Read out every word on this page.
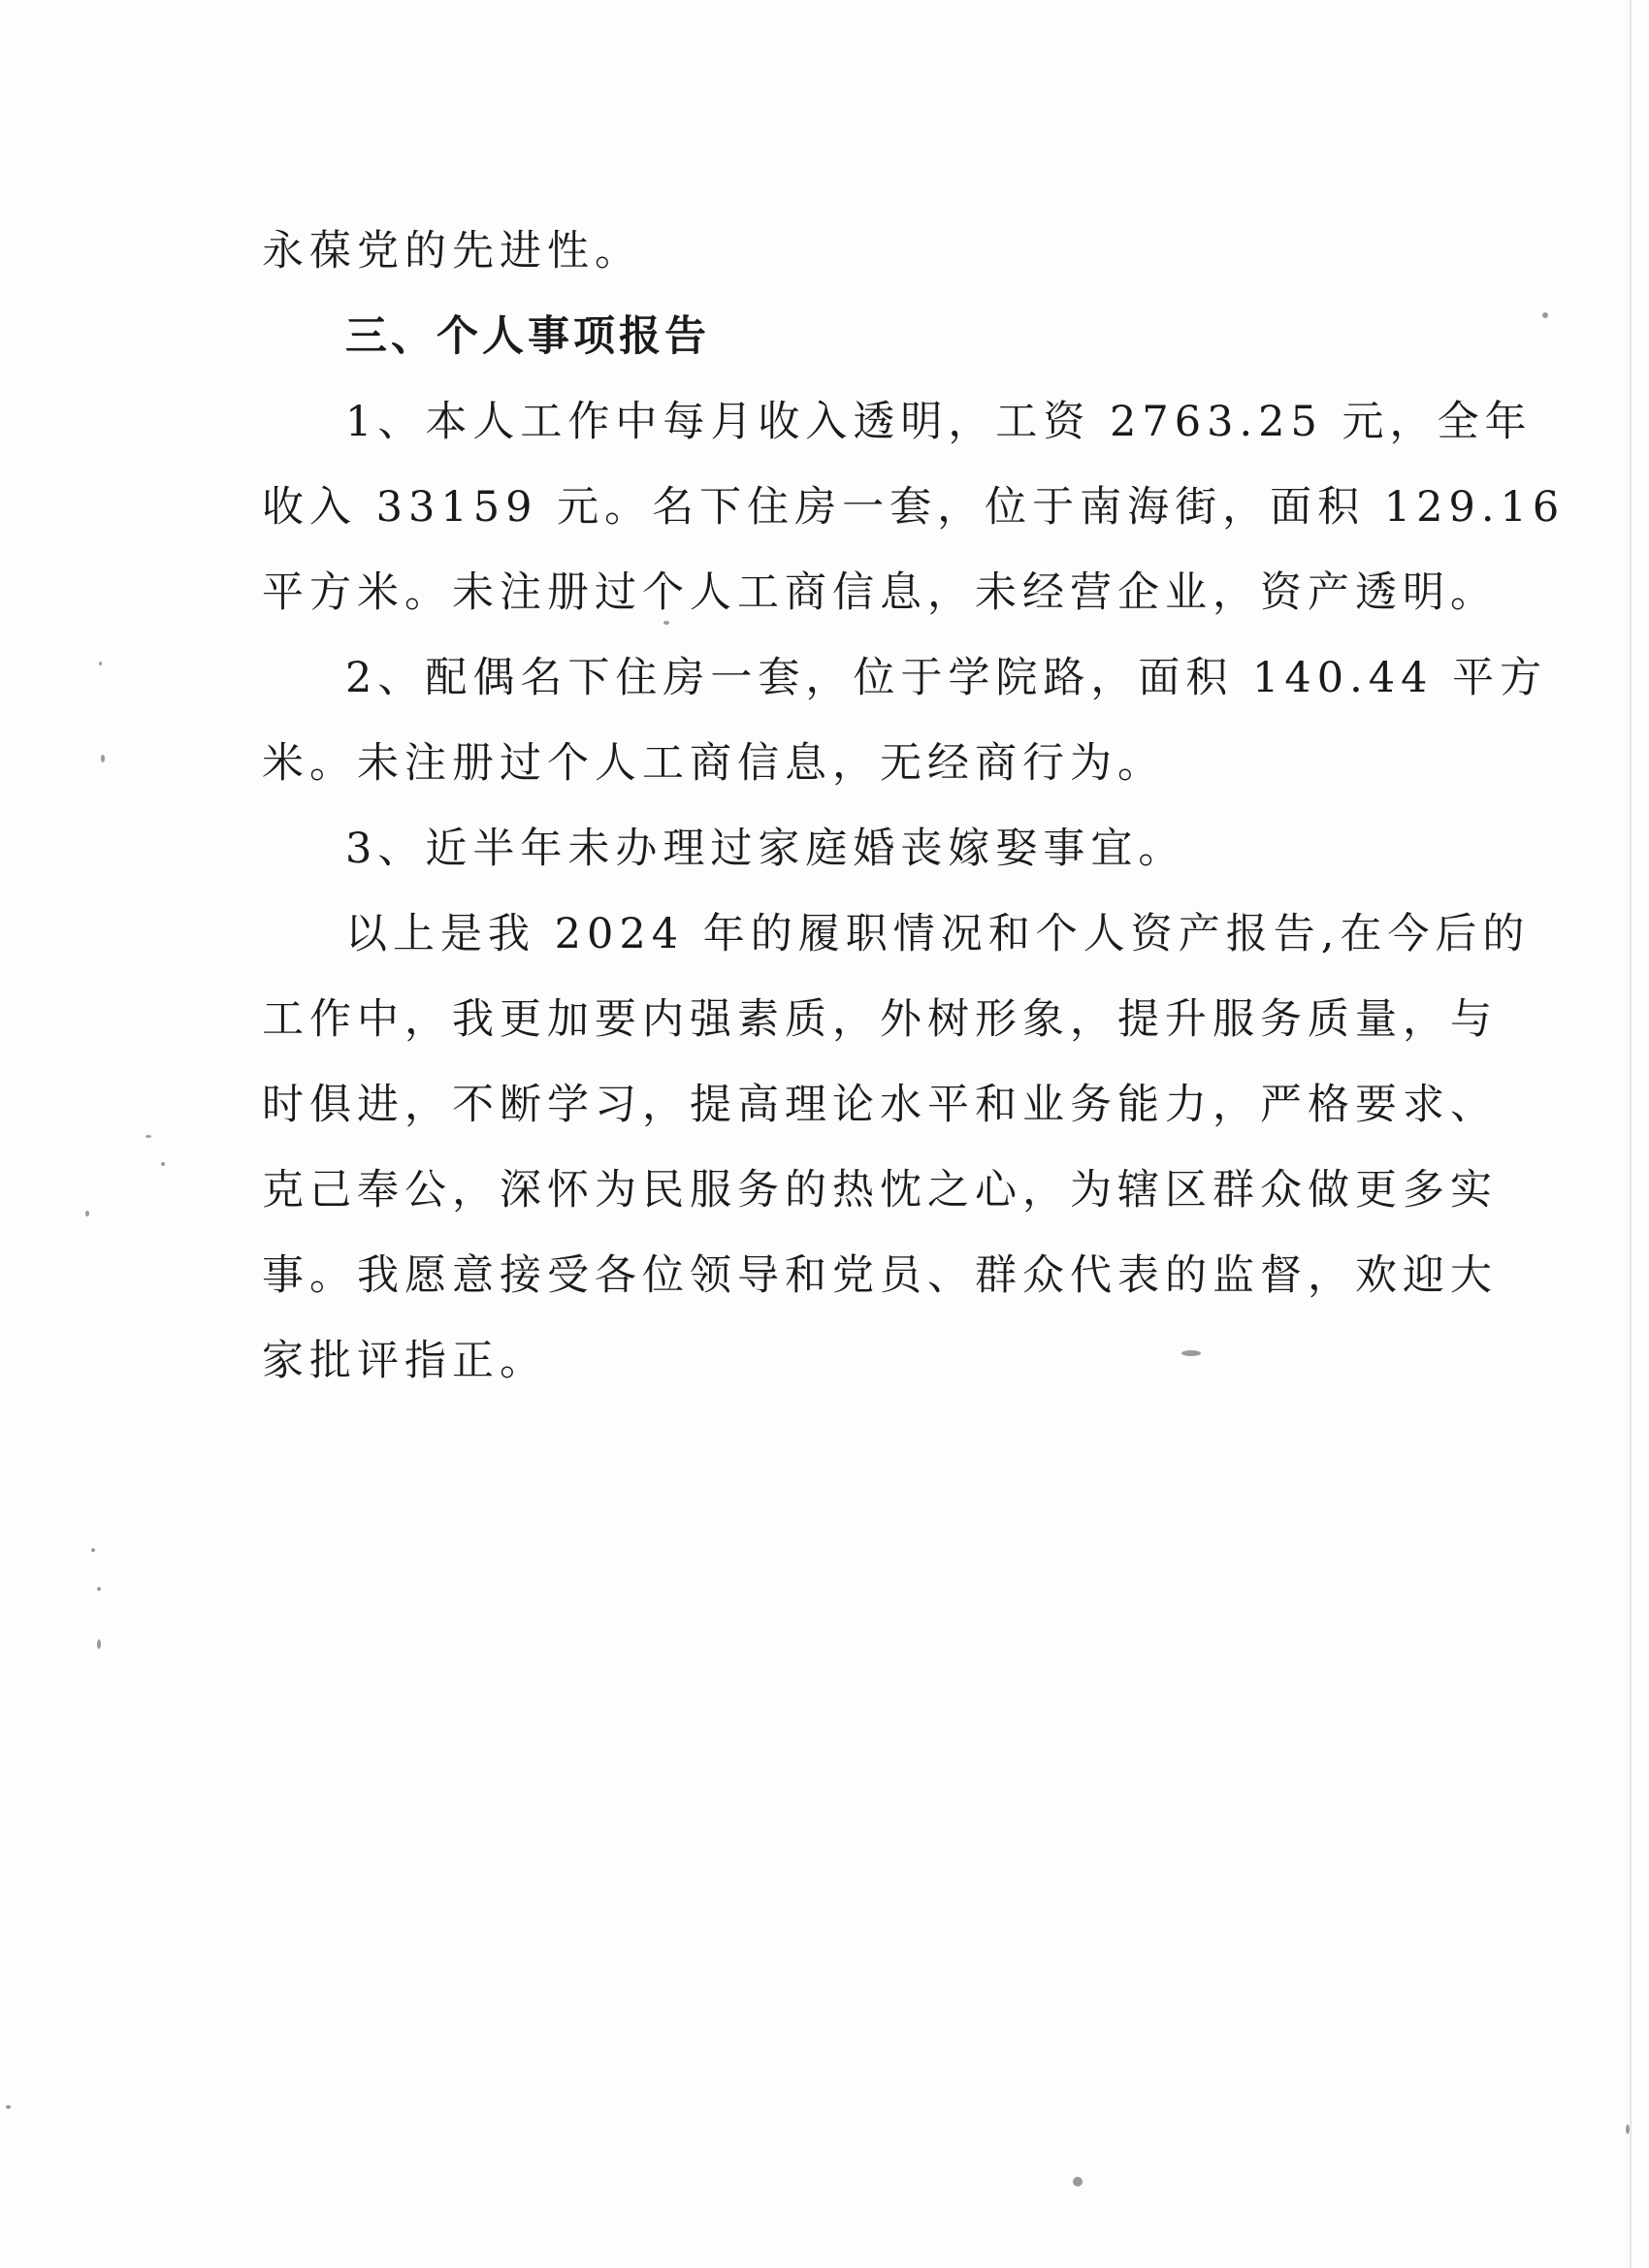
永葆党的先进性。
三、个人事项报告
1、本人工作中每月收入透明，工资 2763.25 元，全年
收入 33159 元。名下住房一套，位于南海街，面积 129.16
平方米。未注册过个人工商信息，未经营企业，资产透明。
2、配偶名下住房一套，位于学院路，面积 140.44 平方
米。未注册过个人工商信息，无经商行为。
3、近半年未办理过家庭婚丧嫁娶事宜。
以上是我 2024 年的履职情况和个人资产报告,在今后的
工作中，我更加要内强素质，外树形象，提升服务质量，与
时俱进，不断学习，提高理论水平和业务能力，严格要求、
克己奉公，深怀为民服务的热忱之心，为辖区群众做更多实
事。我愿意接受各位领导和党员、群众代表的监督，欢迎大
家批评指正。
